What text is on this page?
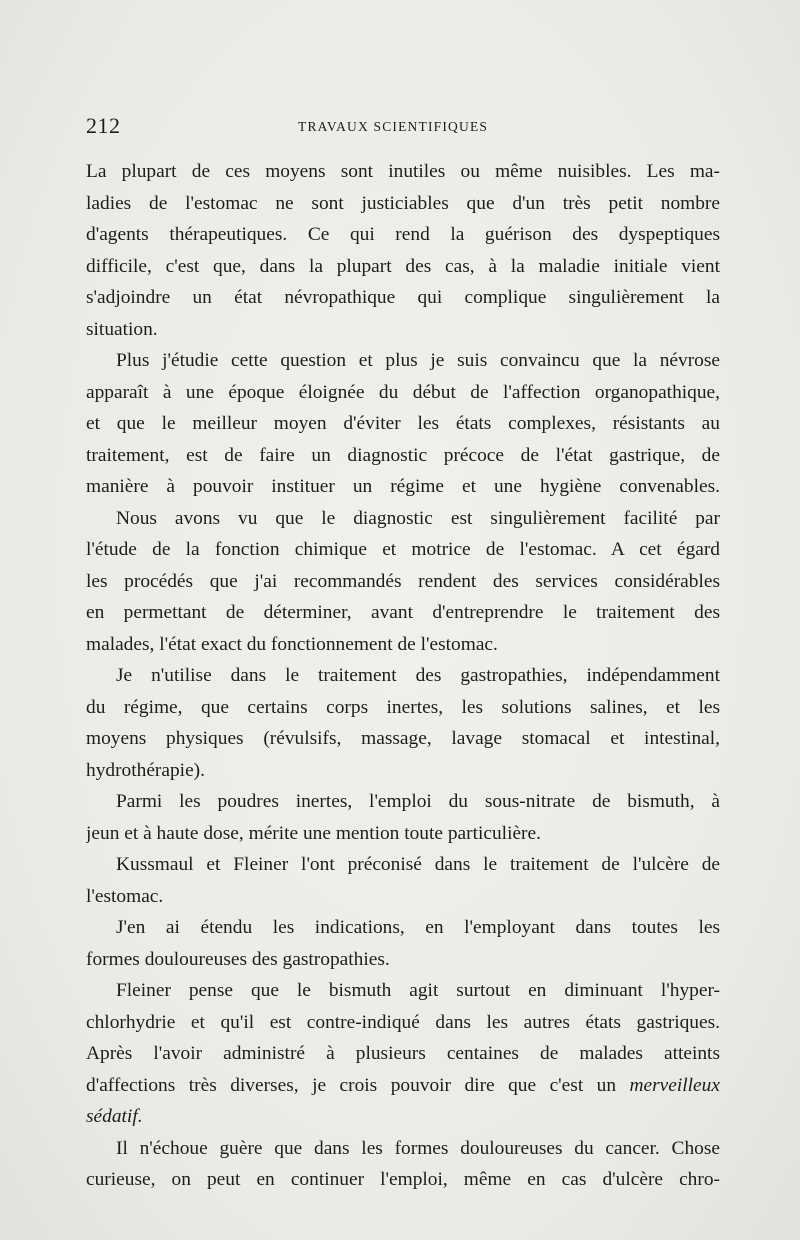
212	TRAVAUX SCIENTIFIQUES
La plupart de ces moyens sont inutiles ou même nuisibles. Les ma-
ladies de l'estomac ne sont justiciables que d'un très petit nombre
d'agents thérapeutiques. Ce qui rend la guérison des dyspeptiques
difficile, c'est que, dans la plupart des cas, à la maladie initiale vient
s'adjoindre un état névropathique qui complique singulièrement la
situation.
Plus j'étudie cette question et plus je suis convaincu que la névrose
apparaît à une époque éloignée du début de l'affection organopathique,
et que le meilleur moyen d'éviter les états complexes, résistants au
traitement, est de faire un diagnostic précoce de l'état gastrique, de
manière à pouvoir instituer un régime et une hygiène convenables.
Nous avons vu que le diagnostic est singulièrement facilité par
l'étude de la fonction chimique et motrice de l'estomac. A cet égard
les procédés que j'ai recommandés rendent des services considérables
en permettant de déterminer, avant d'entreprendre le traitement des
malades, l'état exact du fonctionnement de l'estomac.
Je n'utilise dans le traitement des gastropathies, indépendamment
du régime, que certains corps inertes, les solutions salines, et les
moyens physiques (révulsifs, massage, lavage stomacal et intestinal,
hydrothérapie).
Parmi les poudres inertes, l'emploi du sous-nitrate de bismuth, à
jeun et à haute dose, mérite une mention toute particulière.
Kussmaul et Fleiner l'ont préconisé dans le traitement de l'ulcère de
l'estomac.
J'en ai étendu les indications, en l'employant dans toutes les
formes douloureuses des gastropathies.
Fleiner pense que le bismuth agit surtout en diminuant l'hyper-
chlorhydrie et qu'il est contre-indiqué dans les autres états gastriques.
Après l'avoir administré à plusieurs centaines de malades atteints
d'affections très diverses, je crois pouvoir dire que c'est un merveilleux
sédatif.
Il n'échoue guère que dans les formes douloureuses du cancer. Chose
curieuse, on peut en continuer l'emploi, même en cas d'ulcère chro-
